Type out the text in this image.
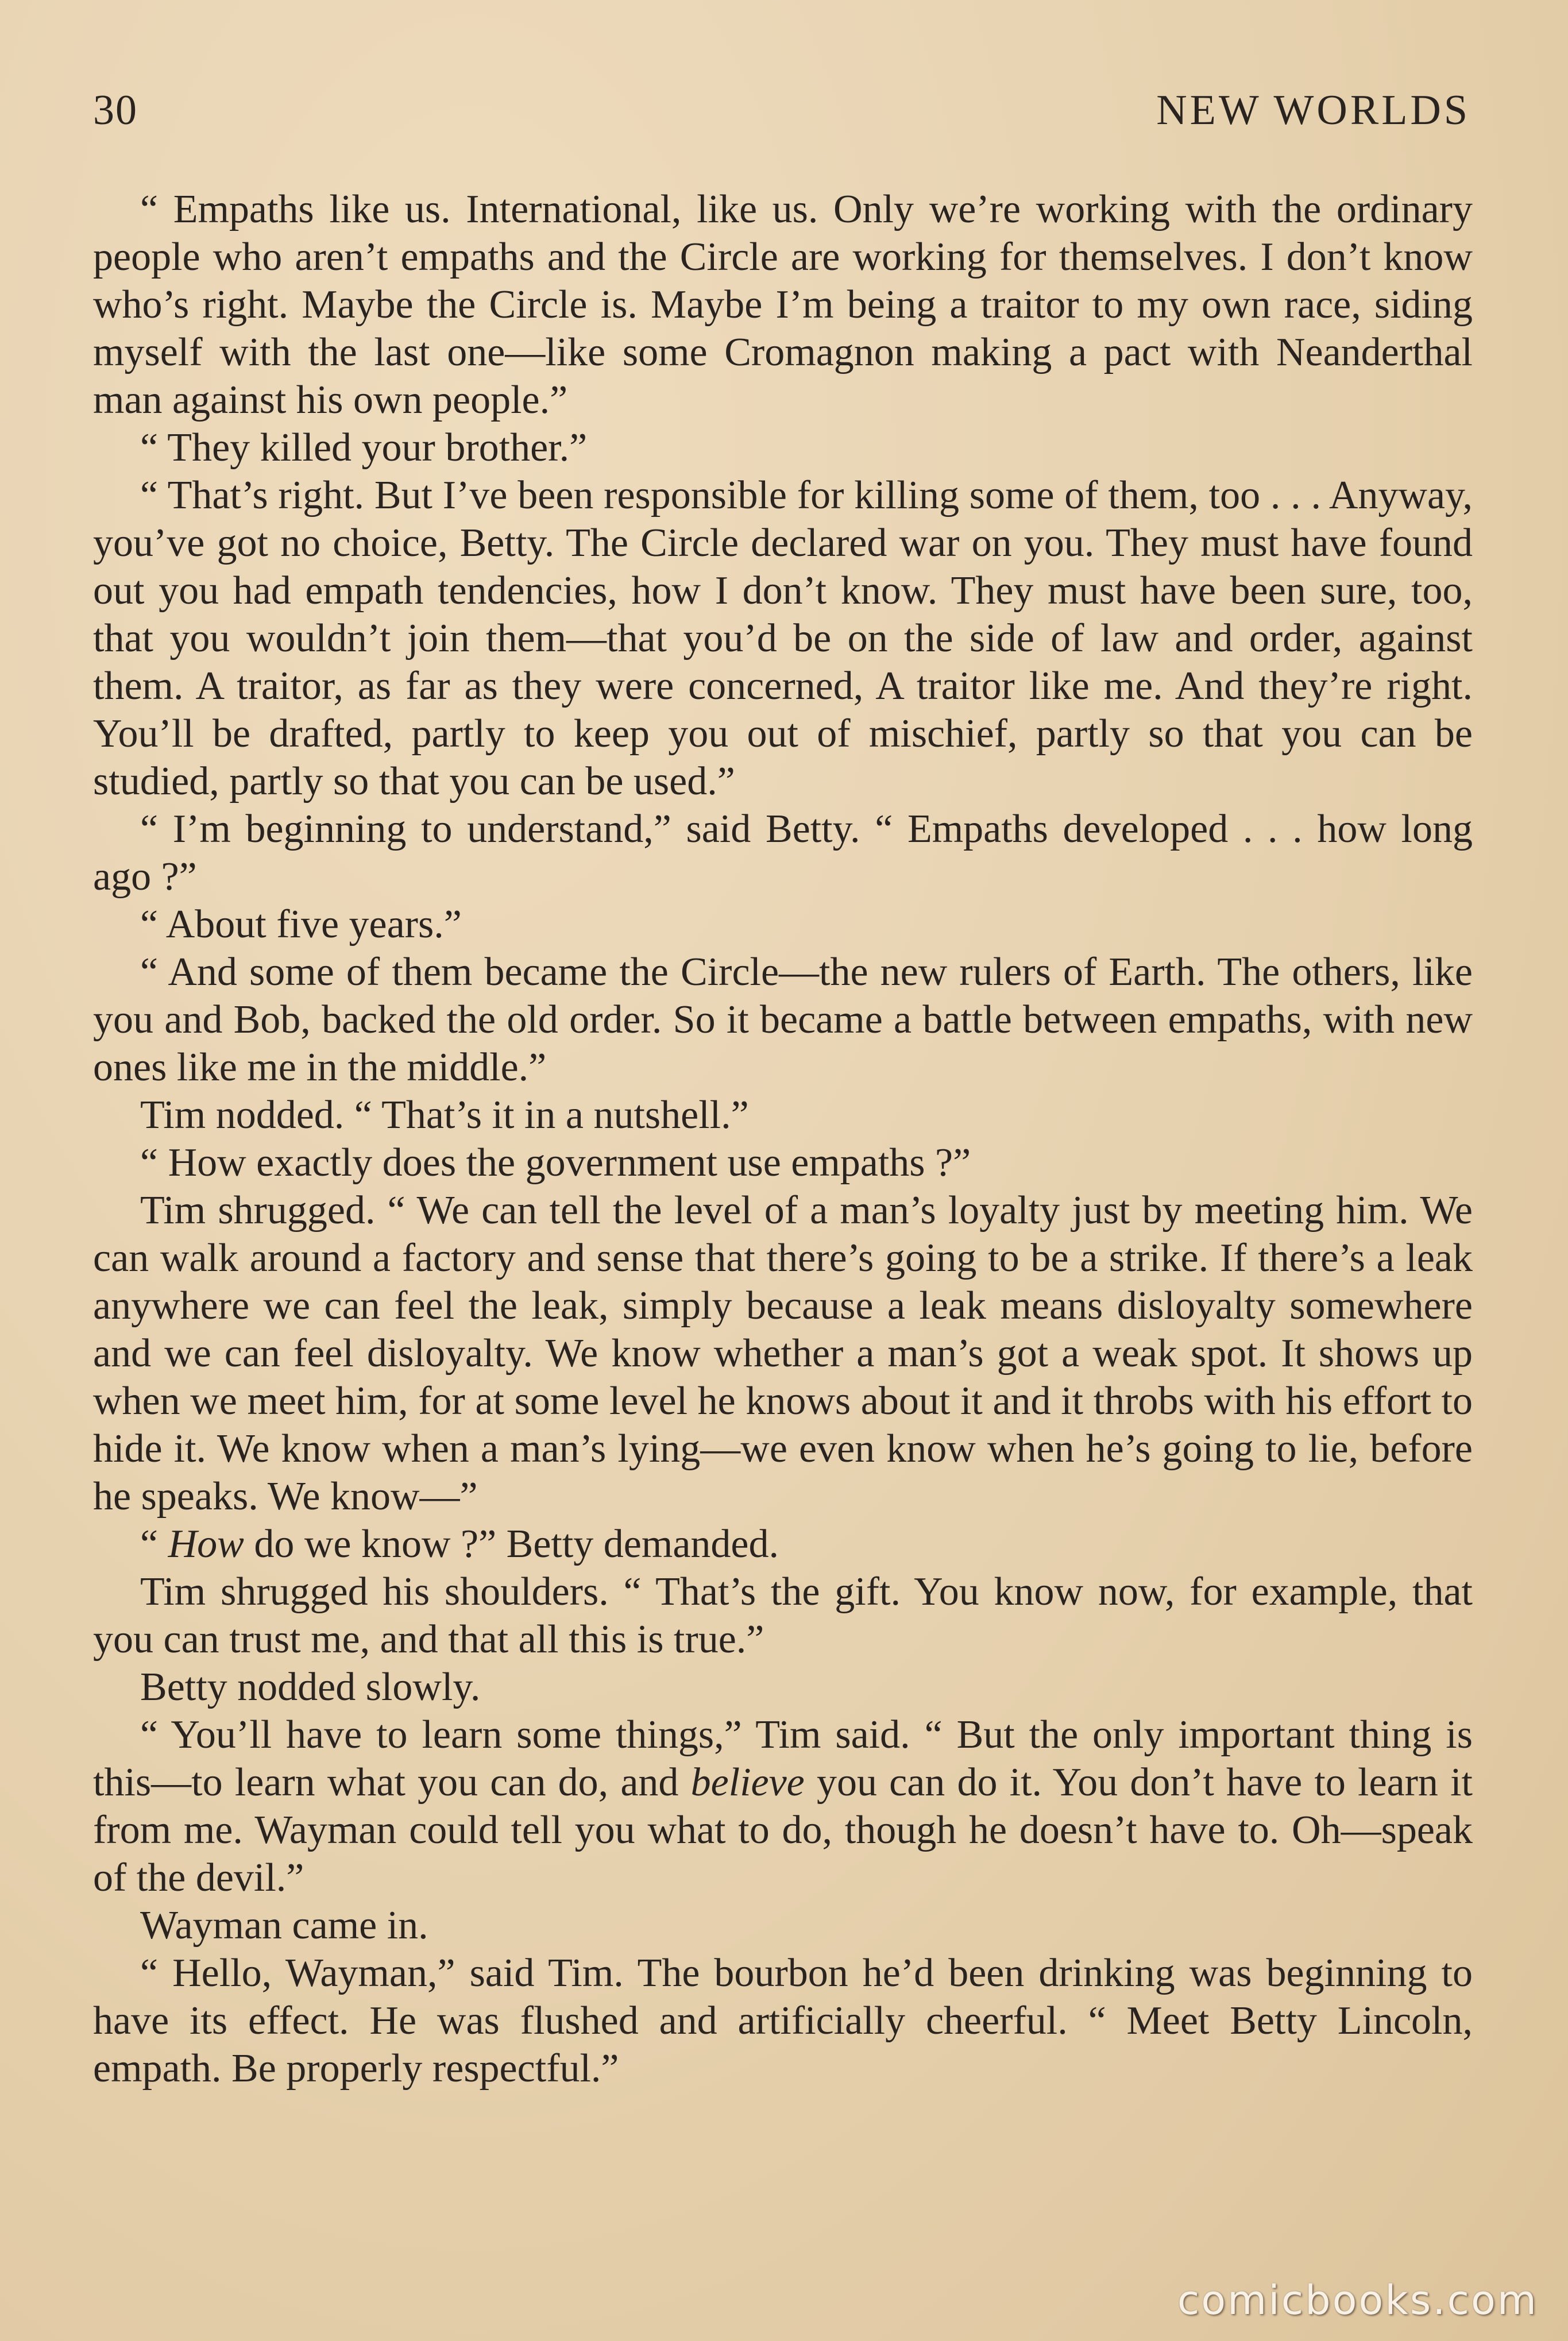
30	NEW WORLDS

“ Empaths like us. International, like us. Only we’re working with the ordinary people who aren’t empaths and the Circle are working for themselves. I don’t know who’s right. Maybe the Circle is. Maybe I’m being a traitor to my own race, siding myself with the last one—like some Cromagnon making a pact with Neanderthal man against his own people.”

“ They killed your brother.”

“ That’s right. But I’ve been responsible for killing some of them, too . . . Anyway, you’ve got no choice, Betty. The Circle declared war on you. They must have found out you had empath tendencies, how I don’t know. They must have been sure, too, that you wouldn’t join them—that you’d be on the side of law and order, against them. A traitor, as far as they were concerned, A traitor like me. And they’re right. You’ll be drafted, partly to keep you out of mischief, partly so that you can be studied, partly so that you can be used.”

“ I’m beginning to understand,” said Betty. “ Empaths developed . . . how long ago ?”

“ About five years.”

“ And some of them became the Circle—the new rulers of Earth. The others, like you and Bob, backed the old order. So it became a battle between empaths, with new ones like me in the middle.”

Tim nodded. “ That’s it in a nutshell.”

“ How exactly does the government use empaths ?”

Tim shrugged. “ We can tell the level of a man’s loyalty just by meeting him. We can walk around a factory and sense that there’s going to be a strike. If there’s a leak anywhere we can feel the leak, simply because a leak means disloyalty somewhere and we can feel disloyalty. We know whether a man’s got a weak spot. It shows up when we meet him, for at some level he knows about it and it throbs with his effort to hide it. We know when a man’s lying—we even know when he’s going to lie, before he speaks. We know—”

“ How do we know ?” Betty demanded.

Tim shrugged his shoulders. “ That’s the gift. You know now, for example, that you can trust me, and that all this is true.”

Betty nodded slowly.

“ You’ll have to learn some things,” Tim said. “ But the only important thing is this—to learn what you can do, and believe you can do it. You don’t have to learn it from me. Wayman could tell you what to do, though he doesn’t have to. Oh—speak of the devil.”

Wayman came in.

“ Hello, Wayman,” said Tim. The bourbon he’d been drinking was beginning to have its effect. He was flushed and artificially cheerful. “ Meet Betty Lincoln, empath. Be properly respectful.”

comicbooks.com
